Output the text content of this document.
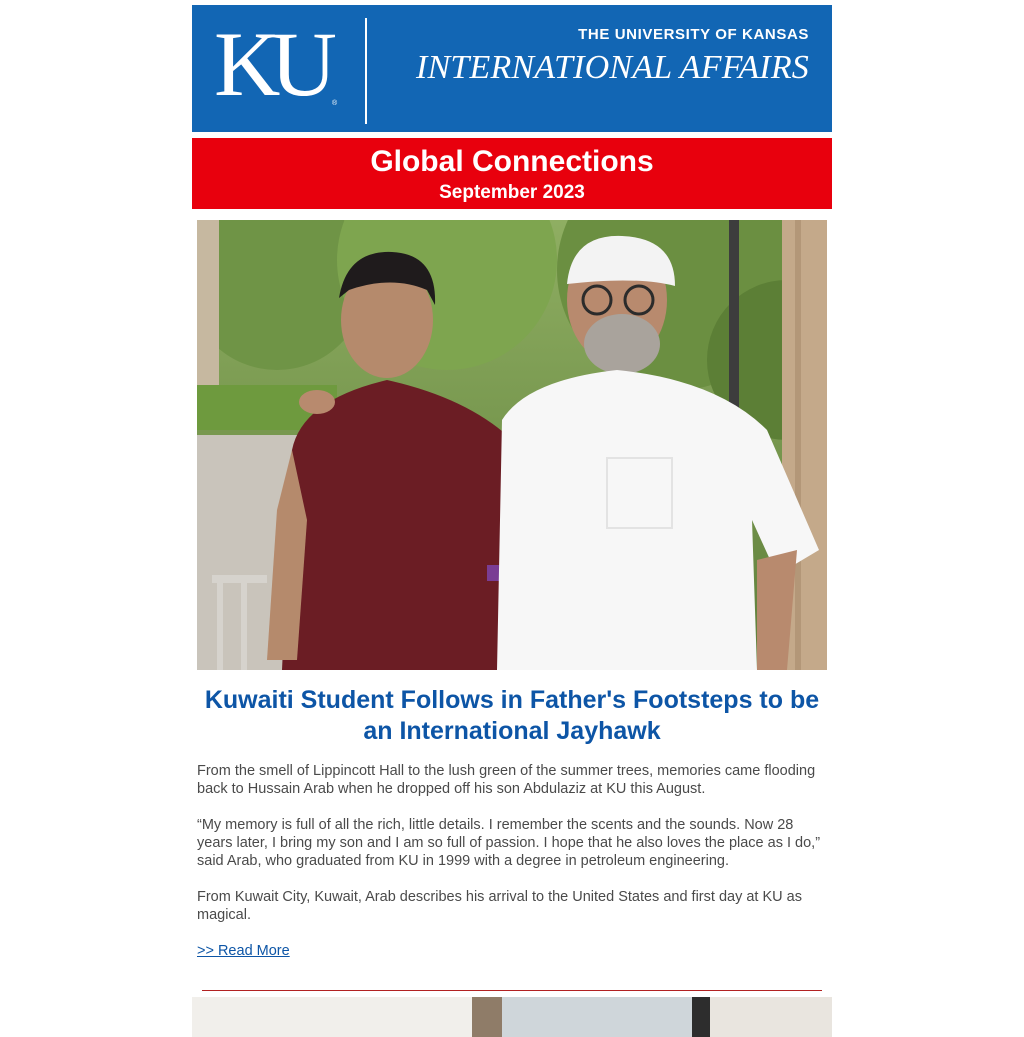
KU ®
THE UNIVERSITY OF KANSAS
INTERNATIONAL AFFAIRS
Global Connections
September 2023
Kuwaiti Student Follows in Father's Footsteps to be an International Jayhawk

From the smell of Lippincott Hall to the lush green of the summer trees, memories came flooding back to Hussain Arab when he dropped off his son Abdulaziz at KU this August.

“My memory is full of all the rich, little details. I remember the scents and the sounds. Now 28 years later, I bring my son and I am so full of passion. I hope that he also loves the place as I do,” said Arab, who graduated from KU in 1999 with a degree in petroleum engineering.

From Kuwait City, Kuwait, Arab describes his arrival to the United States and first day at KU as magical.

>> Read More
